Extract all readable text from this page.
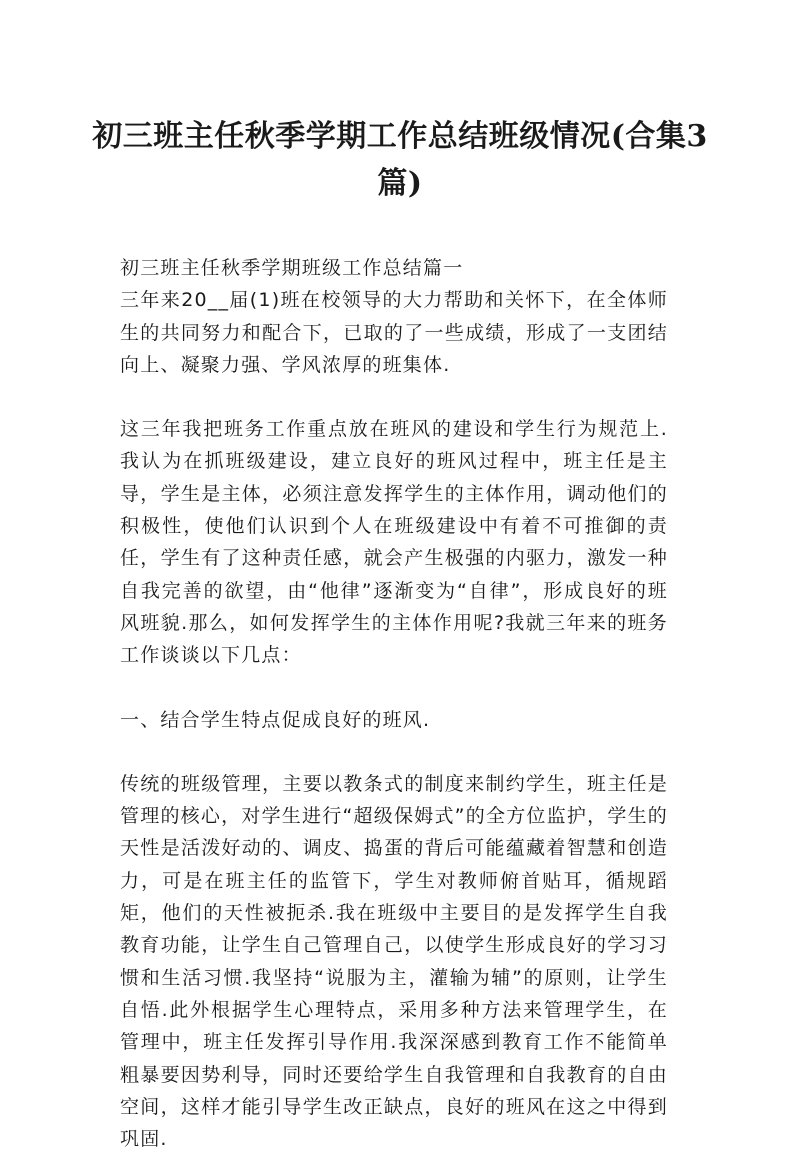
初三班主任秋季学期工作总结班级情况(合集3篇)

初三班主任秋季学期班级工作总结篇一

三年来20__届(1)班在校领导的大力帮助和关怀下，在全体师生的共同努力和配合下，已取的了一些成绩，形成了一支团结向上、凝聚力强、学风浓厚的班集体.

这三年我把班务工作重点放在班风的建设和学生行为规范上.我认为在抓班级建设，建立良好的班风过程中，班主任是主导，学生是主体，必须注意发挥学生的主体作用，调动他们的积极性，使他们认识到个人在班级建设中有着不可推御的责任，学生有了这种责任感，就会产生极强的内驱力，激发一种自我完善的欲望，由“他律”逐渐变为“自律”，形成良好的班风班貌.那么，如何发挥学生的主体作用呢?我就三年来的班务工作谈谈以下几点：

一、结合学生特点促成良好的班风.

传统的班级管理，主要以教条式的制度来制约学生，班主任是管理的核心，对学生进行“超级保姆式”的全方位监护，学生的天性是活泼好动的、调皮、捣蛋的背后可能蕴藏着智慧和创造力，可是在班主任的监管下，学生对教师俯首贴耳，循规蹈矩，他们的天性被扼杀.我在班级中主要目的是发挥学生自我教育功能，让学生自己管理自己，以使学生形成良好的学习习惯和生活习惯.我坚持“说服为主，灌输为辅”的原则，让学生自悟.此外根据学生心理特点，采用多种方法来管理学生，在管理中，班主任发挥引导作用.我深深感到教育工作不能简单粗暴要因势利导，同时还要给学生自我管理和自我教育的自由空间，这样才能引导学生改正缺点，良好的班风在这之中得到巩固.
